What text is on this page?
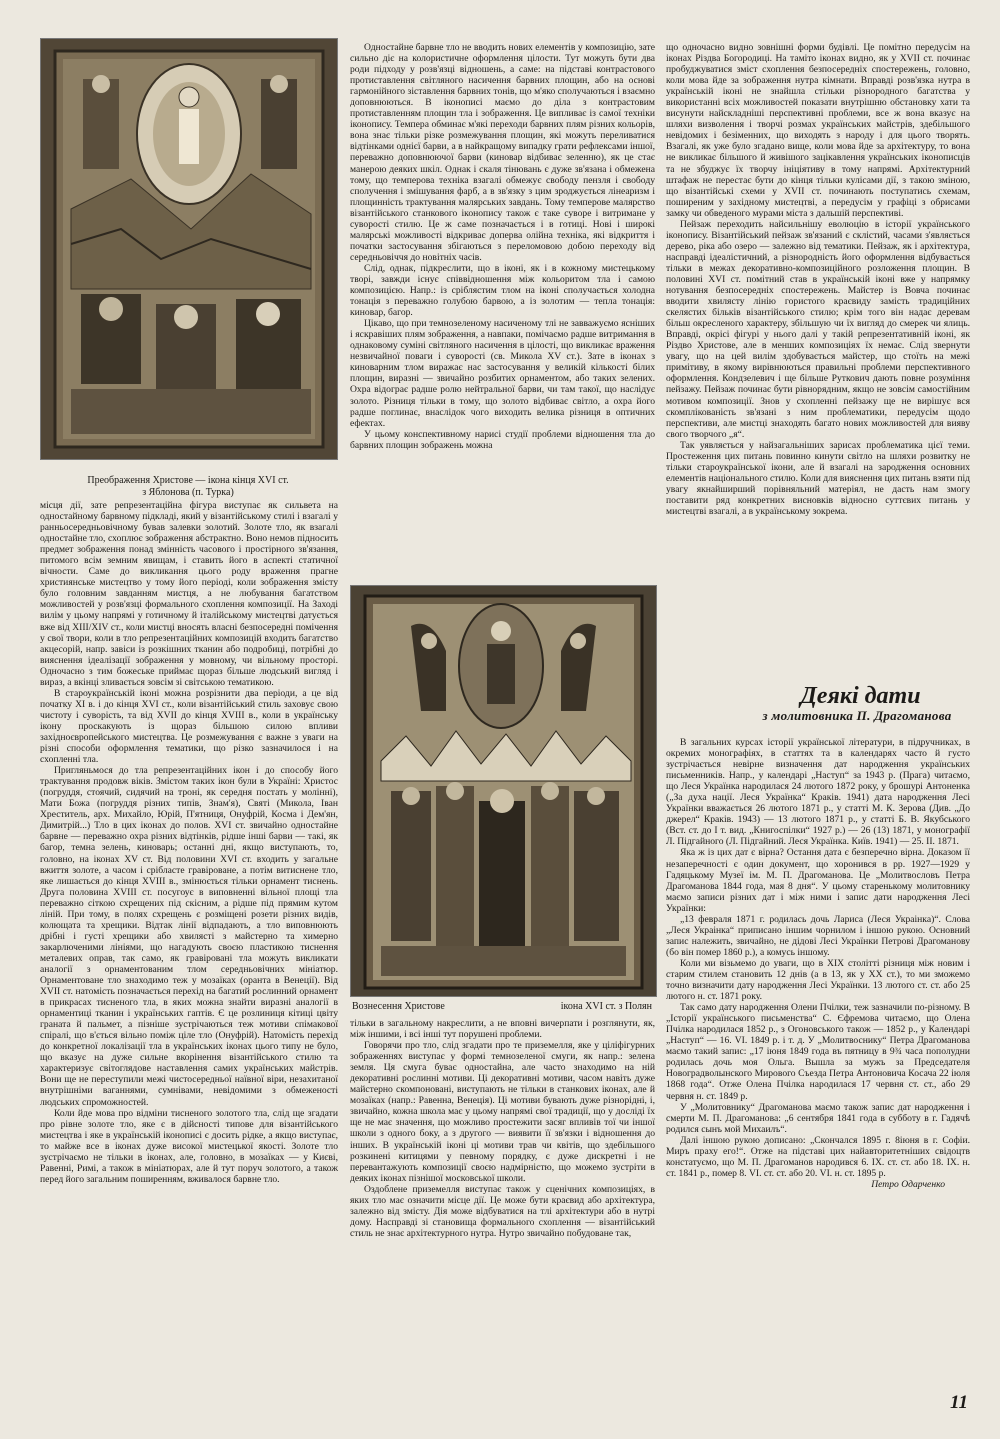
Преображення Христове — ікона кінця XVI ст.
з Яблонова (п. Турка)
Вознесення Христове	ікона XVI ст. з Полян

місця дії, зате репрезентаційна фігура виступає як сильвета на одностайному барвному підкладі, який у візантійському стилі і взагалі у ранньосередньовічному бував залевки золотий. Золоте тло, як взагалі одностайне тло, схоплює зображення абстрактно. Воно немов підносить предмет зображення понад змінність часового і простірного зв'язання, питомого всім земним явищам, і ставить його в аспекті статичної вічности. Саме до викликання цього роду враження прагне християнське мистецтво у тому його періоді, коли зображення змісту було головним завданням мистця, а не любування багатством можливостей у розв'язці формального схоплення композиції. На Заході вилім у цьому напрямі у готичному й італійському мистецтві датується вже від XIII/XIV ст., коли мистці вносять власні безпосередні помічення у свої твори, коли в тло репрезентаційних композицій входить багатство акцесорій, напр. завіси із розкішних тканин або подробиці, потрібні до вияснення ідеалізації зображення у мовному, чи вільному просторі. Одночасно з тим божеське приймає щораз більше людський вигляд і вираз, а вкінці зливається зовсім зі світською тематикою.

В староукраїнській іконі можна розрізнити два періоди, а це від початку XI в. і до кінця XVI ст., коли візантійський стиль заховує свою чистоту і суворість, та від XVII до кінця XVIII в., коли в українську ікону проскакують із щораз більшою силою впливи західноєвропейського мистецтва. Це розмежування є важне з уваги на різні способи оформлення тематики, що різко зазначилося і на схопленні тла.

Пригляньмося до тла репрезентаційних ікон і до способу його трактування продовж віків. Змістом таких ікон були в Україні: Христос (погруддя, стоячий, сидячий на троні, як середня постать у молінні), Мати Божа (погруддя різних типів, Знам'я), Святі (Микола, Іван Хреститель, арх. Михайло, Юрій, П'ятниця, Онуфрій, Косма і Дем'ян, Димитрій...) Тло в цих іконах до полов. XVI ст. звичайно одностайне барвне — переважно охра різних відтінків, рідше інші барви — такі, як багор, темна зелень, киноварь; останні дні, якщо виступають, то, головно, на іконах XV ст. Від половини XVI ст. входить у загальне вжиття золоте, а часом і срібласте гравіроване, а потім витиснене тло, яке лишається до кінця XVIII в., змінюється тільки орнамент тиснень. Друга половина XVIII ст. посугоує в виповненні вільної площі тла переважно сіткою схрещених під скісним, а рідше під прямим кутом ліній. При тому, в полях схрещень є розміщені розети різних видів, колющата та хрещики. Відтак лінії відпадають, а тло виповнюють дрібні і густі хрещики або хвилясті з майстерно та химерно закарлюченими лініями, що нагадують своєю пластикою тиснення металевих оправ, так само, як гравіровані тла можуть викликати аналогії з орнаментованим тлом середньовічних мініатюр. Орнаментоване тло знаходимо теж у мозаїках (оранта в Венеції). Від XVII ст. натомість позначається перехід на багатий рослинний орнамент в прикрасах тисненого тла, в яких можна знайти виразні аналогії в орнаментиці тканин і українських гаптів. Є це розлиниця кітиці цвіту граната й пальмет, а пізніше зустрічаються теж мотиви спімакової спіралі, що в'ється вільно поміж ціле тло (Онуфрій). Натомість перехід до конкретної локалізації тла в українських іконах цього типу не було, що вказує на дуже сильне вкорінення візантійського стилю та характеризує світоглядове наставлення самих українських майстрів. Вони ще не переступили межі чистосередньої наївної віри, незахитаної внутрішніми ваганнями, сумнівами, невідомими з обмеженості людських спроможностей.

Коли йде мова про відміни тисненого золотого тла, слід ще згадати про рівне золоте тло, яке є в дійсності типове для візантійського мистецтва і яке в українській іконописі є досить рідке, а якщо виступає, то майже все в іконах дуже високої мистецької якості. Золоте тло зустрічаємо не тільки в іконах, але, головно, в мозаїках — у Києві, Равенні, Римі, а також в мініатюрах, але й тут поруч золотого, а також перед його загальним поширенням, вживалося барвне тло.

Одностайне барвне тло не вводить нових елементів у композицію, зате сильно діє на колористичне оформлення цілости. Тут можуть бути два роди підходу у розв'язці відношень, а саме: на підставі контрастового протиставлення світляного насичення барвних площин, або на основі гармонійного зіставлення барвних тонів, що м'яко сполучаються і взаємно доповнюються. В іконописі маємо до діла з контрастовим протиставленням площин тла і зображення. Це випливає із самої техніки іконопису. Темпера обминає м'які переходи барвних плям різних кольорів, вона знає тільки різке розмежування площин, які можуть переливатися відтінками однієї барви, а в найкращому випадку грати рефлексами іншої, переважно доповнюючої барви (киновар відбиває зеленню), як це стає манерою деяких шкіл. Однак і скаля тінювань є дуже зв'язана і обмежена тому, що темперова техніка взагалі обмежує свободу пензля і свободу сполучення і змішування фарб, а в зв'язку з цим зроджується лінеаризм і площинність трактування малярських завдань. Тому темперове малярство візантійського станкового іконопису також є таке суворе і витримане у суворості стилю. Це ж саме позначається і в готиці. Нові і широкі малярські можливості відкриває доперва олійна техніка, які відкриття і початки застосування збігаються з переломовою добою переходу від середньовіччя до новітніх часів.

Слід, однак, підкреслити, що в іконі, як і в кожному мистецькому творі, завжди існує співвідношення між кольоритом тла і самою композицією. Напр.: із сріблястим тлом на іконі сполучається холодна тонація з переважно голубою барвою, а із золотим — тепла тонація: киновар, багор.

Цікаво, що при темнозеленому насиченому тлі не завважуємо ясніших і яскравіших плям зображення, а навпаки, помічаємо радше витримання в однаковому суміні світляного насичення в цілості, що викликає враження незвичайної поваги і суворості (св. Микола XV ст.). Зате в іконах з киноварним тлом виражає нас застосування у великій кількості білих площин, виразні — звичайно розбитих орнаментом, або таких зелених. Охра відограє радше ролю нейтральної барви, чи там такої, що наслідує золото. Різниця тільки в тому, що золото відбиває світло, а охра його радше поглинає, внаслідок чого виходить велика різниця в оптичних ефектах.

У цьому конспективному нарисі студії проблеми відношення тла до барвних площин зображень можна

тільки в загальному накреслити, а не вповні вичерпати і розглянути, як, між іншими, і всі інші тут порушені проблеми.

Говорячи про тло, слід згадати про те приземелля, яке у ціліфігурних зображеннях виступає у формі темнозеленої смуги, як напр.: зелена земля. Ця смуга буває одностайна, але часто знаходимо на ній декоративні рослинні мотиви. Ці декоративні мотиви, часом навіть дуже майстерно скомпоновані, виступають не тільки в станкових іконах, але й мозаїках (напр.: Равенна, Венеція). Ці мотиви бувають дуже різнорідні, і, звичайно, кожна школа має у цьому напрямі свої традиції, що у досліді їх ще не має значення, що можливо простежити засяг впливів тої чи іншої школи з одного боку, а з другого — виявити її зв'язки і відношення до інших. В українській іконі ці мотиви трав чи квітів, що здебільшого розкинені китицями у певному порядку, є дуже дискретні і не перевантажують композиції своєю надмірністю, що можемо зустріти в деяких іконах пізнішої московської школи.

Оздоблене приземелля виступає також у сценічних композиціях, в яких тло має означити місце дії. Це може бути краєвид або архітектура, залежно від змісту. Дія може відбуватися на тлі архітектури або в нутрі дому. Насправді зі становища формального схоплення — візантійський стиль не знає архітектурного нутра. Нутро звичайно побудоване так,

що одночасно видно зовнішні форми будівлі. Це помітно передусім на іконах Різдва Богородиці. На таміто іконах видно, як у XVII ст. починає пробуджуватися зміст схоплення безпосередніх спостережень, головно, коли мова йде за зображення нутра кімнати. Вправді розв'язка нутра в українській іконі не знайшла стільки різнородного багатства у використанні всіх можливостей показати внутрішню обстановку хати та висунути найскладніші перспективні проблеми, все ж вона вказує на шляхи визволення і творчі розмах українських майстрів, здебільшого невідомих і безіменних, що виходять з народу і для цього творять. Взагалі, як уже було згадано вище, коли мова йде за архітектуру, то вона не викликає більшого й живішого зацікавлення українських іконописців та не збуджує їх творчу ініціятиву в тому напрямі. Архітектурний штафаж не перестає бути до кінця тільки кулісами дії, з такою зміною, що візантійські схеми у XVII ст. починають поступатись схемам, поширеним у західному мистецтві, а передусім у графіці з обрисами замку чи обведеного мурами міста з дальшій перспективі.

Пейзаж переходить найсильнішу еволюцію в історії українського іконопису. Візантійський пейзаж зв'язаний є склістий, часами з'являється дерево, ріка або озеро — залежно від тематики. Пейзаж, як і архітектура, насправді ідеалістичний, а різнородність його оформлення відбувається тільки в межах декоративно-композиційного розложення площин. В половині XVI ст. помітний став в українській іконі вже у напрямку нотування безпосередніх спостережень. Майстер із Вовча починає вводити хвилясту лінію гористого краєвиду замість традиційних скелястих більків візантійського стилю; крім того він надає деревам більш окресленого характеру, збільшую чи їх вигляд до смерек чи ялиць. Вправді, окрісі фігурі у нього далі у такій репрезентативній іконі, як Різдво Христове, але в менших композиціях їх немає. Слід звернути увагу, що на цей вилім здобувається майстер, що стоїть на межі примітиву, в якому вирівнюються правильні проблеми перспективного оформлення. Кондзелевич і ще більше Руткович дають повне розуміння пейзажу. Пейзаж починає бути рівнорядним, якщо не зовсім самостійним мотивом композиції. Знов у схопленні пейзажу ще не вирішує вся скомплікованість зв'язані з ним проблематики, передусім щодо перспективи, але мистці знаходять багато нових можливостей для вияву свого творчого „я“.

Так уявляється у найзагальніших зарисах проблематика цієї теми. Простеження цих питань повинно кинути світло на шляхи розвитку не тільки староукраїнської ікони, але й взагалі на зародження основних елементів національного стилю. Коли для вияснення цих питань взяти під увагу якнайширший порівняльний матеріял, не дасть нам змогу поставити ряд конкретних висновків відносно суттєвих питань у мистецтві взагалі, а в українському зокрема.

Деякі дати
з молитовника П. Драгоманова

В загальних курсах історії української літератури, в підручниках, в окремих монографіях, в статтях та в календарях часто й густо зустрічається невірне визначення дат народження українських письменників. Напр., у календарі „Наступ“ за 1943 р. (Прага) читаємо, що Леся Українка народилася 24 лютого 1872 року, у брошурі Антоненка („За духа нації. Леся Українка“ Краків. 1941) дата народження Лесі Українки вважається 26 лютого 1871 р., у статті М. К. Зерова (Див. „До джерел“ Краків. 1943) — 13 лютого 1871 р., у статті Б. В. Якубського (Вст. ст. до І т. вид. „Книгоспілки“ 1927 р.) — 26 (13) 1871, у монографії Л. Підгайного (Л. Підгайний. Леся Українка. Київ. 1941) — 25. II. 1871.

Яка ж із цих дат є вірна? Остання дата є безперечно вірна. Доказом її незаперечності є один документ, що хоронився в рр. 1927—1929 у Гадяцькому Музеї ім. М. П. Драгоманова. Це „Молитвословъ Петра Драгоманова 1844 года, мая 8 дня“. У цьому старенькому молитовнику маємо записи різних дат і між ними і запис дати народження Лесі Українки:

„13 февраля 1871 г. родилась дочь Лариса (Леся Украінка)“. Слова „Леся Украінка“ приписано іншим чорнилом і іншою рукою. Основний запис належить, звичайно, не дідові Лесі Українки Петрові Драгоманову (бо він помер 1860 р.), а комусь іншому.

Коли ми візьмемо до уваги, що в XIX столітті різниця між новим і старим стилем становить 12 днів (а в 13, як у XX ст.), то ми зможемо точно визначити дату народження Лесі Українки. 13 лютого ст. ст. або 25 лютого н. ст. 1871 року.

Так само дату народження Олени Пчілки, теж зазначили по-різному. В „Історії українського письменства“ С. Єфремова читаємо, що Олена Пчілка народилася 1852 р., з Огоновського також — 1852 р., у Календарі „Наступ“ — 16. VI. 1849 р. і т. д. У „Молитвоснику“ Петра Драгоманова маємо такий запис: „17 іюня 1849 года въ пятницу в 9¾ часа пополудни родилась дочь моя Ольга. Вышла за мужъ за Председателя Новоградволынского Мирового Съезда Петра Антоновича Косача 22 іюля 1868 года“. Отже Олена Пчілка народилася 17 червня ст. ст., або 29 червня н. ст. 1849 р.

У „Молитовнику“ Драгоманова маємо також запис дат народження і смерти М. П. Драгоманова: „6 сентября 1841 года в субботу в г. Гадячѣ родился сынъ мой Михаилъ“.

Далі іншою рукою дописано: „Скончался 1895 г. 8іюня в г. Софіи. Миръ праху его!“. Отже на підставі цих найавторитетніших свідоцтв констатуємо, що М. П. Драгоманов народився 6. IX. ст. ст. або 18. IX. н. ст. 1841 р., помер 8. VI. ст. ст. або 20. VI. н. ст. 1895 р.

Петро Одарченко
11
